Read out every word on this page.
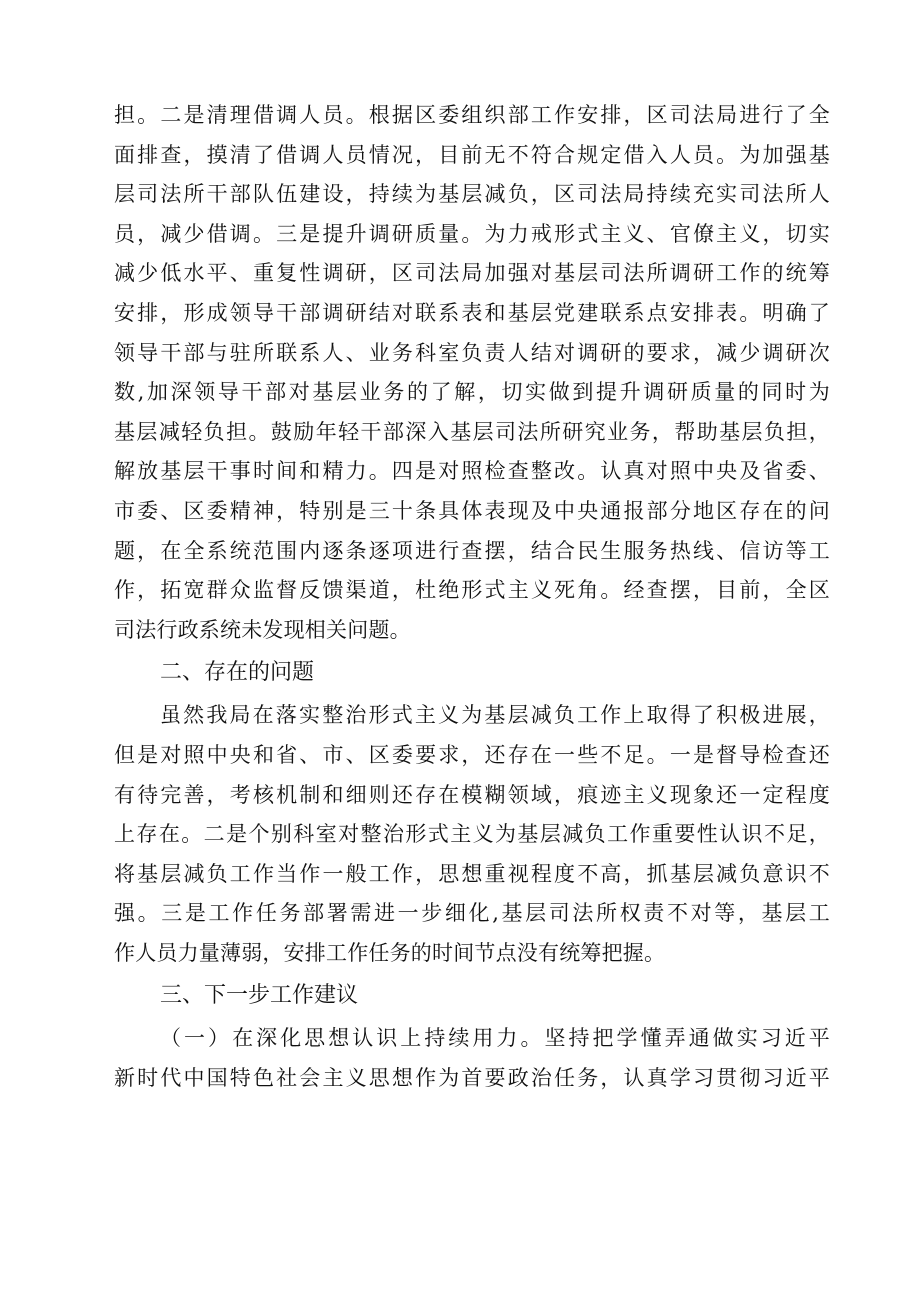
担。二是清理借调人员。根据区委组织部工作安排，区司法局进行了全
面排查，摸清了借调人员情况，目前无不符合规定借入人员。为加强基
层司法所干部队伍建设，持续为基层减负，区司法局持续充实司法所人
员，减少借调。三是提升调研质量。为力戒形式主义、官僚主义，切实
减少低水平、重复性调研，区司法局加强对基层司法所调研工作的统筹
安排，形成领导干部调研结对联系表和基层党建联系点安排表。明确了
领导干部与驻所联系人、业务科室负责人结对调研的要求，减少调研次
数,加深领导干部对基层业务的了解，切实做到提升调研质量的同时为
基层减轻负担。鼓励年轻干部深入基层司法所研究业务，帮助基层负担，
解放基层干事时间和精力。四是对照检查整改。认真对照中央及省委、
市委、区委精神，特别是三十条具体表现及中央通报部分地区存在的问
题，在全系统范围内逐条逐项进行查摆，结合民生服务热线、信访等工
作，拓宽群众监督反馈渠道，杜绝形式主义死角。经查摆，目前，全区
司法行政系统未发现相关问题。
二、存在的问题
虽然我局在落实整治形式主义为基层减负工作上取得了积极进展，
但是对照中央和省、市、区委要求，还存在一些不足。一是督导检查还
有待完善，考核机制和细则还存在模糊领域，痕迹主义现象还一定程度
上存在。二是个别科室对整治形式主义为基层减负工作重要性认识不足，
将基层减负工作当作一般工作，思想重视程度不高，抓基层减负意识不
强。三是工作任务部署需进一步细化,基层司法所权责不对等，基层工
作人员力量薄弱，安排工作任务的时间节点没有统筹把握。
三、下一步工作建议
（一）在深化思想认识上持续用力。坚持把学懂弄通做实习近平
新时代中国特色社会主义思想作为首要政治任务，认真学习贯彻习近平
